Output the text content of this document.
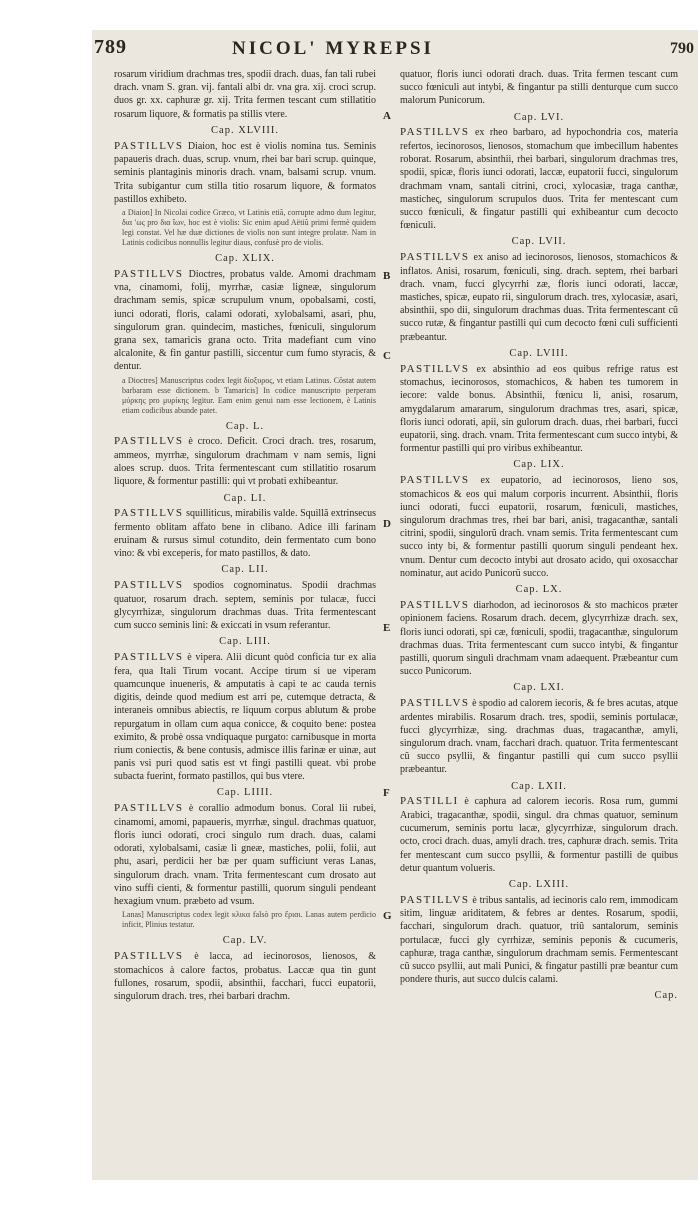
789	NICOL' MYREPSI	790

rosarum viridium drachmas tres, spodii drach. duas, fan tali rubei drach. vnam S. gran. vij. fantali albi dr. vna gra. xij. croci scrup. duos gr. xx. caphuræ gr. xij. Trita fermen tescant cum stillatitio rosarum liquore, & formatis pa stillis vtere.

Cap. XLVIII.

PASTILLVS Diaion, hoc est è violis nomina tus. Seminis papaueris drach. duas, scrup. vnum, rhei bar bari scrup. quinque, seminis plantaginis minoris drach. vnam, balsami scrup. vnum. Trita subigantur cum stilla titio rosarum liquore, & formatos pastillos exhibeto.

a Diaion] In Nicolai codice Græco, vt Latinis etiã, corrupte admo dum legitur, δια ʹως pro δια ἴων, hoc est è violis: Sic enim apud Aëtiũ primi fermè quidem legi constat. Vel hæ duæ dictiones de violis non sunt integre prolatæ. Nam in Latinis codicibus nonnullis legitur diaus, confusè pro de violis.
Cap. XLIX.

PASTILLVS Dioctres, probatus valde. Amomi drachmam vna, cinamomi, folij, myrrhæ, casiæ ligneæ, singulorum drachmam semis, spicæ scrupulum vnum, opobalsami, costi, iunci odorati, floris, calami odorati, xylobalsami, asari, phu, singulorum gran. quindecim, mastiches, fœniculi, singulorum grana sex, tamaricis grana octo. Trita madefiant cum vino alcalonite, & fin gantur pastilli, siccentur cum fumo styracis, & dentur.

a Dioctres] Manuscriptus codex legit δίοξυρος, vt etiam Latinus. Cõstat autem barbaram esse dictionem. b Tamaricis] In codice manuscripto perperam μύρκης pro μυρίκης legitur. Eam enim genui nam esse lectionem, è Latinis etiam codicibus abunde patet.
Cap. L.

PASTILLVS è croco. Deficit. Croci drach. tres, rosarum, ammeos, myrrhæ, singulorum drachmam v nam semis, ligni aloes scrup. duos. Trita fermentescant cum stillatitio rosarum liquore, & formentur pastilli: qui vt probati exhibeantur.

Cap. LI.

PASTILLVS squilliticus, mirabilis valde. Squillã extrinsecus fermento oblitam affato bene in clibano. Adice illi farinam eruinam & rursus simul cotundito, dein fermentato cum bono vino: & vbi exceperis, for mato pastillos, & dato.

Cap. LII.

PASTILLVS spodios cognominatus. Spodii drachmas quatuor, rosarum drach. septem, seminis por tulacæ, fucci glycyrrhizæ, singulorum drachmas duas. Trita fermentescant cum succo seminis lini: & exiccati in vsum referantur.

Cap. LIII.

PASTILLVS è vipera. Alii dicunt quòd conficia tur ex alia fera, qua Itali Tirum vocant. Accipe tirum si ue viperam quamcunque inueneris, & amputatis à capi te ac cauda ternis digitis, deinde quod medium est arri pe, cutemque detracta, & interaneis omnibus abiectis, re liquum corpus ablutum & probe repurgatum in ollam cum aqua conicce, & coquito bene: postea eximito, & probè ossa vndiquaque purgato: carnibusque in morta rium coniectis, & bene contusis, admisce illis farinæ er uinæ, aut panis vsi puri quod satis est vt fingi pastilli queat. vbi probe subacta fuerint, formato pastillos, qui bus vtere.

Cap. LIIII.

PASTILLVS è corallio admodum bonus. Coral lii rubei, cinamomi, amomi, papaueris, myrrhæ, singul. drachmas quatuor, floris iunci odorati, croci singulo rum drach. duas, calami odorati, xylobalsami, casiæ li gneæ, mastiches, polii, folii, aut phu, asari, perdicii her bæ per quam sufficiunt veras Lanas, singulorum drach. vnam. Trita fermentescant cum drosato aut vino suffi cienti, & formentur pastilli, quorum singuli pendeant hexagium vnum. præbeto ad vsum.

Lanas] Manuscriptus codex legit κλικα falsò pro ἔριαι. Lanas autem perdicio inficit, Plinius testatur.
Cap. LV.

PASTILLVS è lacca, ad iecinorosos, lienosos, & stomachicos à calore factos, probatus. Laccæ qua tin gunt fullones, rosarum, spodii, absinthii, facchari, fucci eupatorii, singulorum drach. tres, rhei barbari drachm.

quatuor, floris iunci odorati drach. duas. Trita fermen tescant cum succo fœniculi aut intybi, & fingantur pa stilli denturque cum succo malorum Punicorum.

Cap. LVI.

PASTILLVS ex rheo barbaro, ad hypochondria cos, materia refertos, iecinorosos, lienosos, stomachum que imbecillum habentes roborat. Rosarum, absinthii, rhei barbari, singulorum drachmas tres, spodii, spicæ, floris iunci odorati, laccæ, eupatorii fucci, singulorum drachmam vnam, santali citrini, croci, xylocasiæ, traga canthæ, masticheς, singulorum scrupulos duos. Trita fer mentescant cum succo fœniculi, & fingatur pastilli qui exhibeantur cum decocto fœniculi.

Cap. LVII.

PASTILLVS ex aniso ad iecinorosos, lienosos, stomachicos & inflatos. Anisi, rosarum, fœniculi, sing. drach. septem, rhei barbari drach. vnam, fucci glycyrrhi zæ, floris iunci odorati, laccæ, mastiches, spicæ, eupato rii, singulorum drach. tres, xylocasiæ, asari, absinthii, spo dii, singulorum drachmas duas. Trita fermentescant cũ succo rutæ, & fingantur pastilli qui cum decocto fœni culi sufficienti præbeantur.

Cap. LVIII.

PASTILLVS ex absinthio ad eos quibus refrige ratus est stomachus, iecinorosos, stomachicos, & haben tes tumorem in iecore: valde bonus. Absinthii, fœnicu li, anisi, rosarum, amygdalarum amararum, singulorum drachmas tres, asari, spicæ, floris iunci odorati, apii, sin gulorum drach. duas, rhei barbari, fucci eupatorii, sing. drach. vnam. Trita fermentescant cum succo intybi, & formentur pastilli qui pro viribus exhibeantur.

Cap. LIX.

PASTILLVS ex eupatorio, ad iecinorosos, lieno sos, stomachicos & eos qui malum corporis incurrent. Absinthii, floris iunci odorati, fucci eupatorii, rosarum, fœniculi, mastiches, singulorum drachmas tres, rhei bar bari, anisi, tragacanthæ, santali citrini, spodii, singulorũ drach. vnam semis. Trita fermentescant cum succo inty bi, & formentur pastilli quorum singuli pendeant hex. vnum. Dentur cum decocto intybi aut drosato acido, qui oxosacchar nominatur, aut acido Punicorũ succo.

Cap. LX.

PASTILLVS diarhodon, ad iecinorosos & sto machicos præter opinionem faciens. Rosarum drach. decem, glycyrrhizæ drach. sex, floris iunci odorati, spi cæ, fœniculi, spodii, tragacanthæ, singulorum drachmas duas. Trita fermentescant cum succo intybi, & fingantur pastilli, quorum singuli drachmam vnam adaequent. Præbeantur cum succo Punicorum.

Cap. LXI.

PASTILLVS è spodio ad calorem iecoris, & fe bres acutas, atque ardentes mirabilis. Rosarum drach. tres, spodii, seminis portulacæ, fucci glycyrrhizæ, sing. drachmas duas, tragacanthæ, amyli, singulorum drach. vnam, facchari drach. quatuor. Trita fermentescant cũ succo psyllii, & fingantur pastilli qui cum succo psyllii præbeantur.

Cap. LXII.

PASTILLI è caphura ad calorem iecoris. Rosa rum, gummi Arabici, tragacanthæ, spodii, singul. dra chmas quatuor, seminum cucumerum, seminis portu lacæ, glycyrrhizæ, singulorum drach. octo, croci drach. duas, amyli drach. tres, caphuræ drach. semis. Trita fer mentescant cum succo psyllii, & formentur pastilli de quibus detur quantum volueris.

Cap. LXIII.

PASTILLVS è tribus santalis, ad iecinoris calo rem, immodicam sitim, linguæ ariditatem, & febres ar dentes. Rosarum, spodii, facchari, singulorum drach. quatuor, triũ santalorum, seminis portulacæ, fucci gly cyrrhizæ, seminis peponis & cucumeris, caphuræ, traga canthæ, singulorum drachmam semis. Fermentescant cũ succo psyllii, aut mali Punici, & fingatur pastilli præ beantur cum pondere thuris, aut succo dulcis calami.

Cap.
A
B
C
D
E
F
G
